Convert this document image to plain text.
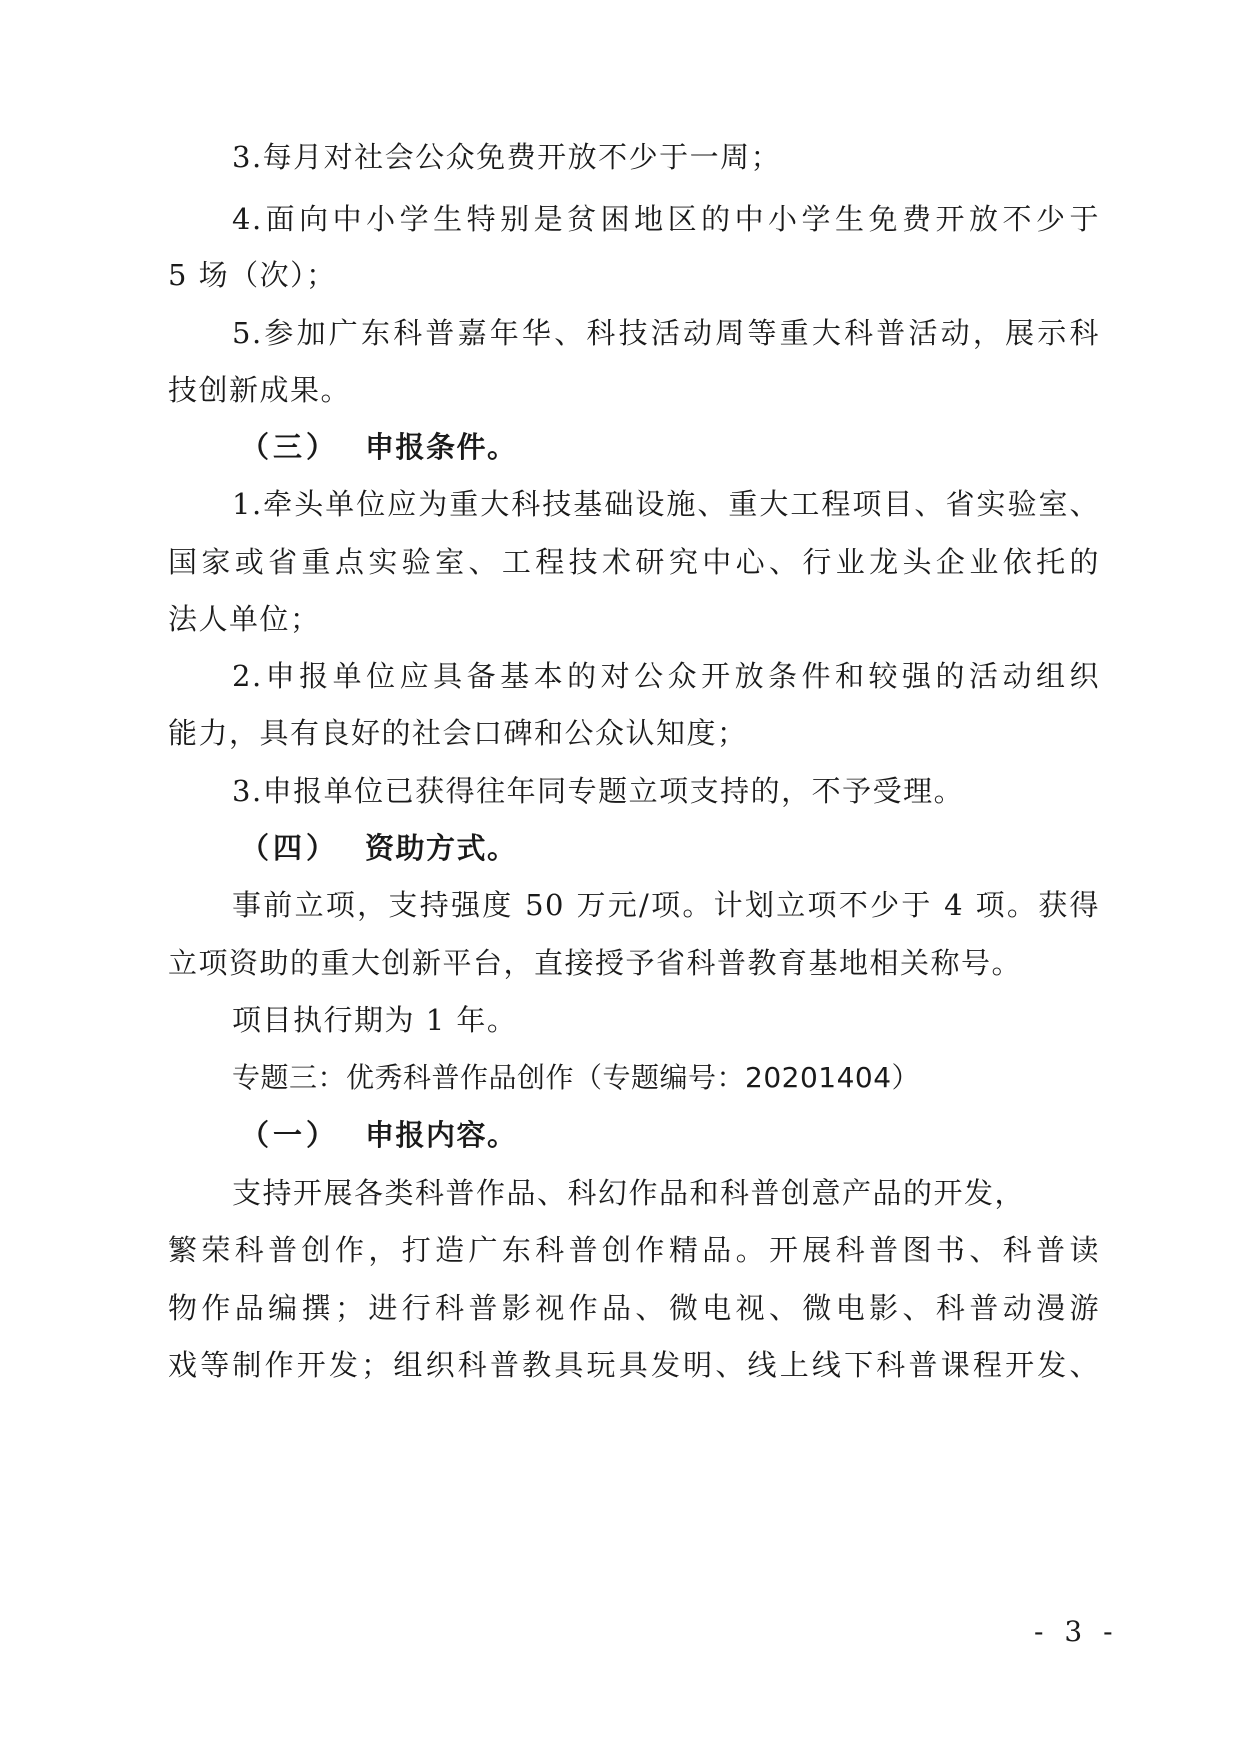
3.每月对社会公众免费开放不少于一周；
4.面向中小学生特别是贫困地区的中小学生免费开放不少于
5 场（次）；
5.参加广东科普嘉年华、科技活动周等重大科普活动，展示科
技创新成果。
（三） 申报条件。
1.牵头单位应为重大科技基础设施、重大工程项目、省实验室、
国家或省重点实验室、工程技术研究中心、行业龙头企业依托的
法人单位；
2.申报单位应具备基本的对公众开放条件和较强的活动组织
能力，具有良好的社会口碑和公众认知度；
3.申报单位已获得往年同专题立项支持的，不予受理。
（四） 资助方式。
事前立项，支持强度 50 万元/项。计划立项不少于 4 项。获得
立项资助的重大创新平台，直接授予省科普教育基地相关称号。
项目执行期为 1 年。
专题三：优秀科普作品创作（专题编号：20201404）
（一） 申报内容。
支持开展各类科普作品、科幻作品和科普创意产品的开发，
繁荣科普创作，打造广东科普创作精品。开展科普图书、科普读
物作品编撰；进行科普影视作品、微电视、微电影、科普动漫游
戏等制作开发；组织科普教具玩具发明、线上线下科普课程开发、
- 3 -
